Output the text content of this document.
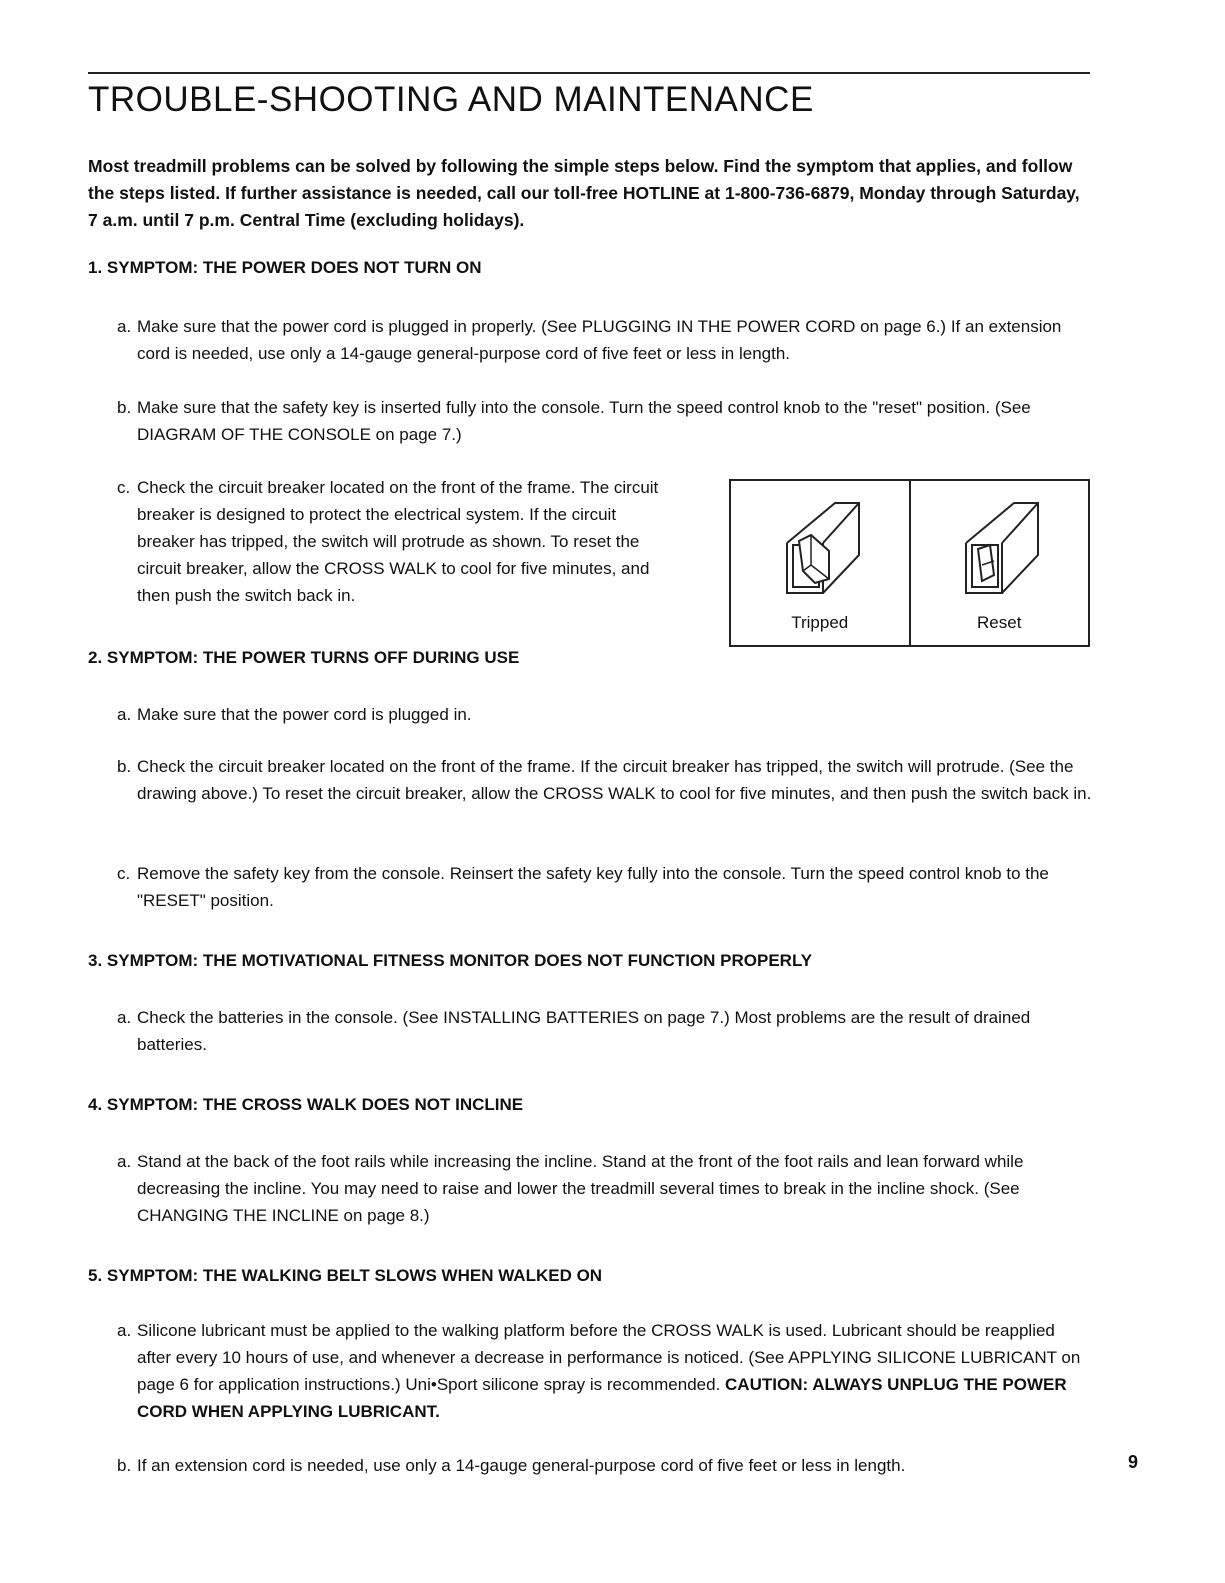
TROUBLE-SHOOTING AND MAINTENANCE
Most treadmill problems can be solved by following the simple steps below. Find the symptom that applies, and follow the steps listed. If further assistance is needed, call our toll-free HOTLINE at 1-800-736-6879, Monday through Saturday, 7 a.m. until 7 p.m. Central Time (excluding holidays).
1. SYMPTOM: THE POWER DOES NOT TURN ON
a. Make sure that the power cord is plugged in properly. (See PLUGGING IN THE POWER CORD on page 6.) If an extension cord is needed, use only a 14-gauge general-purpose cord of five feet or less in length.
b. Make sure that the safety key is inserted fully into the console. Turn the speed control knob to the "reset" position. (See DIAGRAM OF THE CONSOLE on page 7.)
c. Check the circuit breaker located on the front of the frame. The circuit breaker is designed to protect the electrical system. If the circuit breaker has tripped, the switch will protrude as shown. To reset the circuit breaker, allow the CROSS WALK to cool for five minutes, and then push the switch back in.
Tripped	Reset
2. SYMPTOM: THE POWER TURNS OFF DURING USE
a. Make sure that the power cord is plugged in.
b. Check the circuit breaker located on the front of the frame. If the circuit breaker has tripped, the switch will protrude. (See the drawing above.) To reset the circuit breaker, allow the CROSS WALK to cool for five minutes, and then push the switch back in.
c. Remove the safety key from the console. Reinsert the safety key fully into the console. Turn the speed control knob to the "RESET" position.
3. SYMPTOM: THE MOTIVATIONAL FITNESS MONITOR DOES NOT FUNCTION PROPERLY
a. Check the batteries in the console. (See INSTALLING BATTERIES on page 7.) Most problems are the result of drained batteries.
4. SYMPTOM: THE CROSS WALK DOES NOT INCLINE
a. Stand at the back of the foot rails while increasing the incline. Stand at the front of the foot rails and lean forward while decreasing the incline. You may need to raise and lower the treadmill several times to break in the incline shock. (See CHANGING THE INCLINE on page 8.)
5. SYMPTOM: THE WALKING BELT SLOWS WHEN WALKED ON
a. Silicone lubricant must be applied to the walking platform before the CROSS WALK is used. Lubricant should be reapplied after every 10 hours of use, and whenever a decrease in performance is noticed. (See APPLYING SILICONE LUBRICANT on page 6 for application instructions.) Uni•Sport silicone spray is recommended. CAUTION: ALWAYS UNPLUG THE POWER CORD WHEN APPLYING LUBRICANT.
b. If an extension cord is needed, use only a 14-gauge general-purpose cord of five feet or less in length.	9
